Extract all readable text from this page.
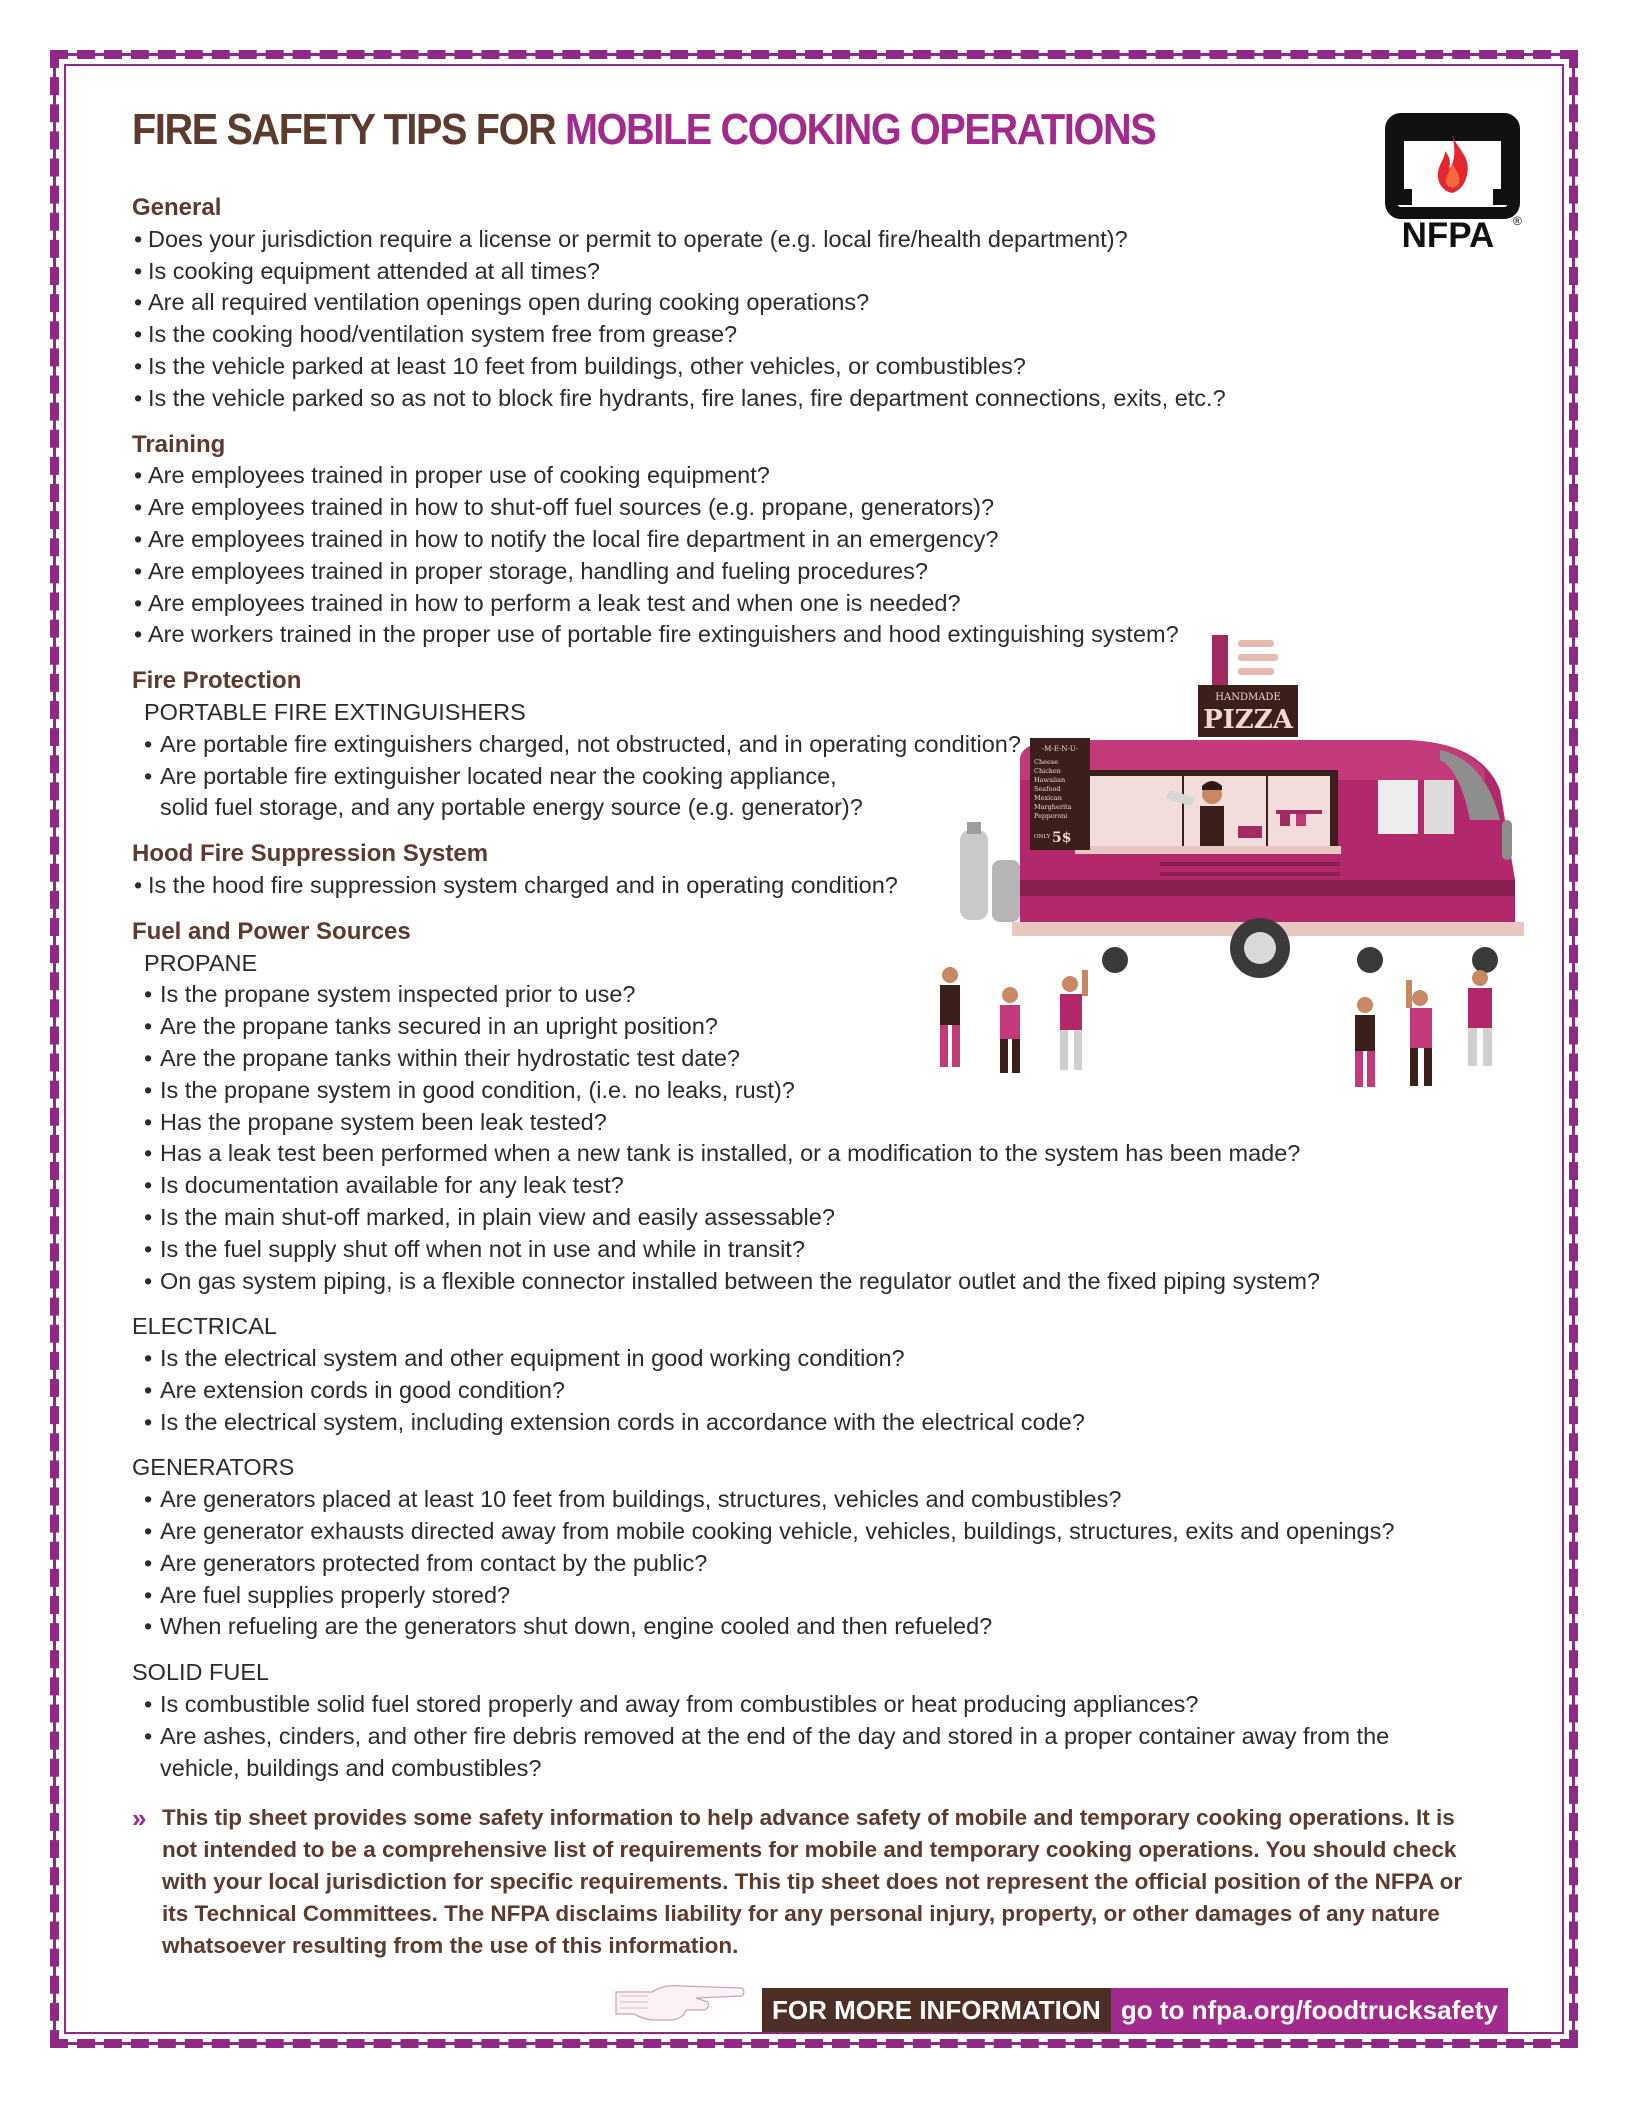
FIRE SAFETY TIPS FOR MOBILE COOKING OPERATIONS
NFPA ®

General

• Does your jurisdiction require a license or permit to operate (e.g. local fire/health department)?
• Is cooking equipment attended at all times?
• Are all required ventilation openings open during cooking operations?
• Is the cooking hood/ventilation system free from grease?
• Is the vehicle parked at least 10 feet from buildings, other vehicles, or combustibles?
• Is the vehicle parked so as not to block fire hydrants, fire lanes, fire department connections, exits, etc.?

Training

• Are employees trained in proper use of cooking equipment?
• Are employees trained in how to shut-off fuel sources (e.g. propane, generators)?
• Are employees trained in how to notify the local fire department in an emergency?
• Are employees trained in proper storage, handling and fueling procedures?
• Are employees trained in how to perform a leak test and when one is needed?
• Are workers trained in the proper use of portable fire extinguishers and hood extinguishing system?

Fire Protection

PORTABLE FIRE EXTINGUISHERS

• Are portable fire extinguishers charged, not obstructed, and in operating condition?
• Are portable fire extinguisher located near the cooking appliance,
solid fuel storage, and any portable energy source (e.g. generator)?

Hood Fire Suppression System

• Is the hood fire suppression system charged and in operating condition?

Fuel and Power Sources

PROPANE

• Is the propane system inspected prior to use?
• Are the propane tanks secured in an upright position?
• Are the propane tanks within their hydrostatic test date?
• Is the propane system in good condition, (i.e. no leaks, rust)?
• Has the propane system been leak tested?
• Has a leak test been performed when a new tank is installed, or a modification to the system has been made?
• Is documentation available for any leak test?
• Is the main shut-off marked, in plain view and easily assessable?
• Is the fuel supply shut off when not in use and while in transit?
• On gas system piping, is a flexible connector installed between the regulator outlet and the fixed piping system?

ELECTRICAL

• Is the electrical system and other equipment in good working condition?
• Are extension cords in good condition?
• Is the electrical system, including extension cords in accordance with the electrical code?

GENERATORS

• Are generators placed at least 10 feet from buildings, structures, vehicles and combustibles?
• Are generator exhausts directed away from mobile cooking vehicle, vehicles, buildings, structures, exits and openings?
• Are generators protected from contact by the public?
• Are fuel supplies properly stored?
• When refueling are the generators shut down, engine cooled and then refueled?

SOLID FUEL

• Is combustible solid fuel stored properly and away from combustibles or heat producing appliances?
• Are ashes, cinders, and other fire debris removed at the end of the day and stored in a proper container away from the
vehicle, buildings and combustibles?
» This tip sheet provides some safety information to help advance safety of mobile and temporary cooking operations. It is not intended to be a comprehensive list of requirements for mobile and temporary cooking operations. You should check with your local jurisdiction for specific requirements. This tip sheet does not represent the official position of the NFPA or its Technical Committees. The NFPA disclaims liability for any personal injury, property, or other damages of any nature whatsoever resulting from the use of this information.
HANDMADE
PIZZA
-M-E-N-U-
Cheese
Chicken
Hawaiian
Seafood
Mexican
Margherita
Pepperoni
ONLY 5$
FOR MORE INFORMATION go to nfpa.org/foodtrucksafety
